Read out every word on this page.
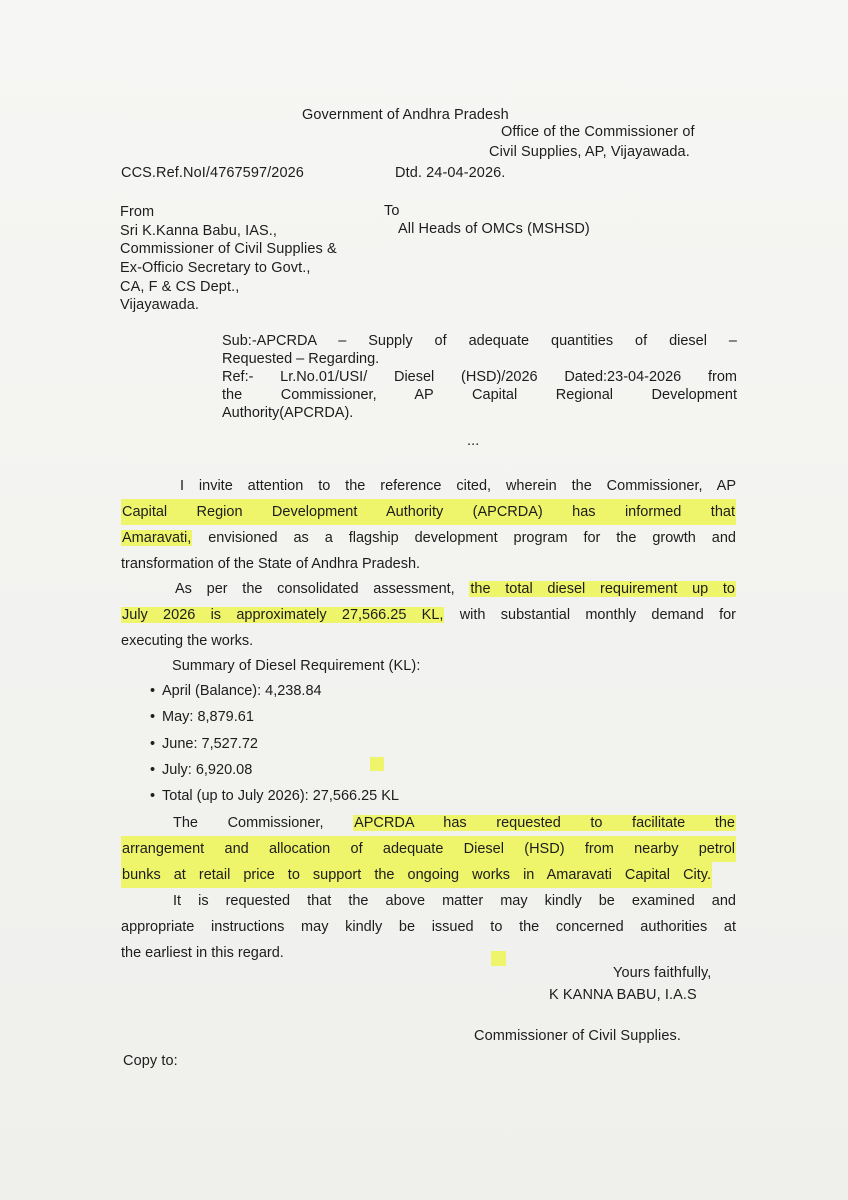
Government of Andhra Pradesh
Office of the Commissioner of
Civil Supplies, AP, Vijayawada.
CCS.Ref.NoI/4767597/2026	Dtd. 24-04-2026.
From
Sri K.Kanna Babu, IAS.,
Commissioner of Civil Supplies &
Ex-Officio Secretary to Govt.,
CA, F & CS Dept.,
Vijayawada.
To
All Heads of OMCs (MSHSD)
Sub:-APCRDA – Supply of adequate quantities of diesel –
Requested – Regarding.
Ref:- Lr.No.01/USI/ Diesel (HSD)/2026 Dated:23-04-2026 from
the Commissioner, AP Capital Regional Development
Authority(APCRDA).
...
I invite attention to the reference cited, wherein the Commissioner, AP
Capital Region Development Authority (APCRDA) has informed that
Amaravati, envisioned as a flagship development program for the growth and
transformation of the State of Andhra Pradesh.
As per the consolidated assessment, the total diesel requirement up to
July 2026 is approximately 27,566.25 KL, with substantial monthly demand for
executing the works.
Summary of Diesel Requirement (KL):
• April (Balance): 4,238.84
• May: 8,879.61
• June: 7,527.72
• July: 6,920.08
• Total (up to July 2026): 27,566.25 KL
The Commissioner, APCRDA has requested to facilitate the
arrangement and allocation of adequate Diesel (HSD) from nearby petrol
bunks at retail price to support the ongoing works in Amaravati Capital City.
It is requested that the above matter may kindly be examined and
appropriate instructions may kindly be issued to the concerned authorities at
the earliest in this regard.
Yours faithfully,
K KANNA BABU, I.A.S
Commissioner of Civil Supplies.
Copy to:
